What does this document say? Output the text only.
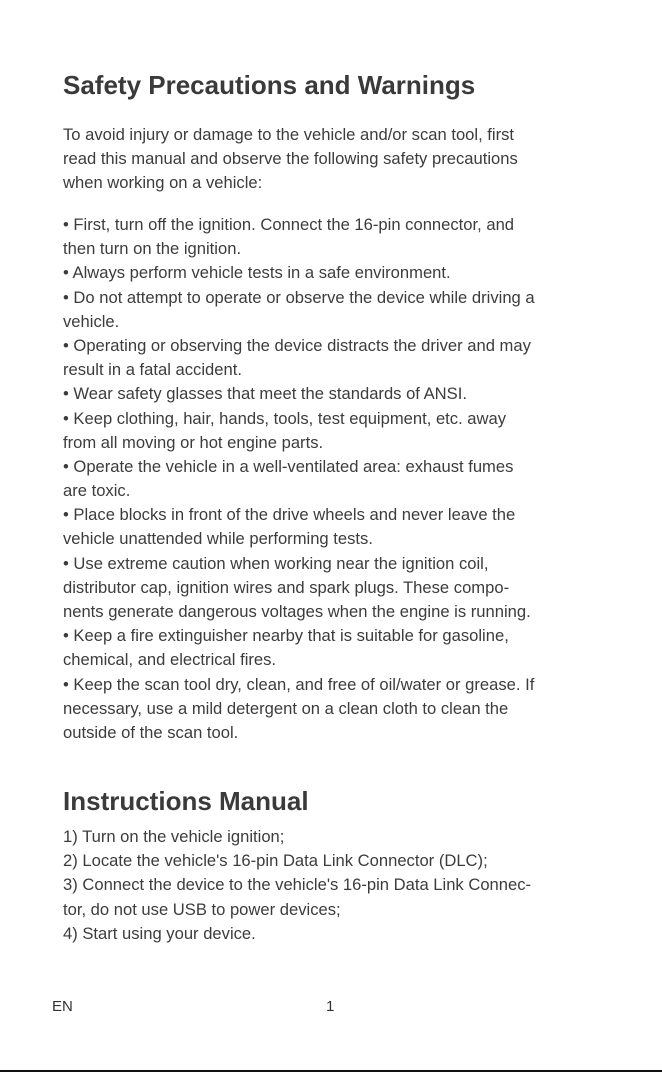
Safety Precautions and Warnings
To avoid injury or damage to the vehicle and/or scan tool, first
read this manual and observe the following safety precautions
when working on a vehicle:
• First, turn off the ignition. Connect the 16-pin connector, and
then turn on the ignition.
• Always perform vehicle tests in a safe environment.
• Do not attempt to operate or observe the device while driving a
vehicle.
• Operating or observing the device distracts the driver and may
result in a fatal accident.
• Wear safety glasses that meet the standards of ANSI.
• Keep clothing, hair, hands, tools, test equipment, etc. away
from all moving or hot engine parts.
• Operate the vehicle in a well-ventilated area: exhaust fumes
are toxic.
• Place blocks in front of the drive wheels and never leave the
vehicle unattended while performing tests.
• Use extreme caution when working near the ignition coil,
distributor cap, ignition wires and spark plugs. These compo-
nents generate dangerous voltages when the engine is running.
• Keep a fire extinguisher nearby that is suitable for gasoline,
chemical, and electrical fires.
• Keep the scan tool dry, clean, and free of oil/water or grease. If
necessary, use a mild detergent on a clean cloth to clean the
outside of the scan tool.
Instructions Manual
1) Turn on the vehicle ignition;
2) Locate the vehicle's 16-pin Data Link Connector (DLC);
3) Connect the device to the vehicle's 16-pin Data Link Connec-
tor, do not use USB to power devices;
4) Start using your device.
EN	1
